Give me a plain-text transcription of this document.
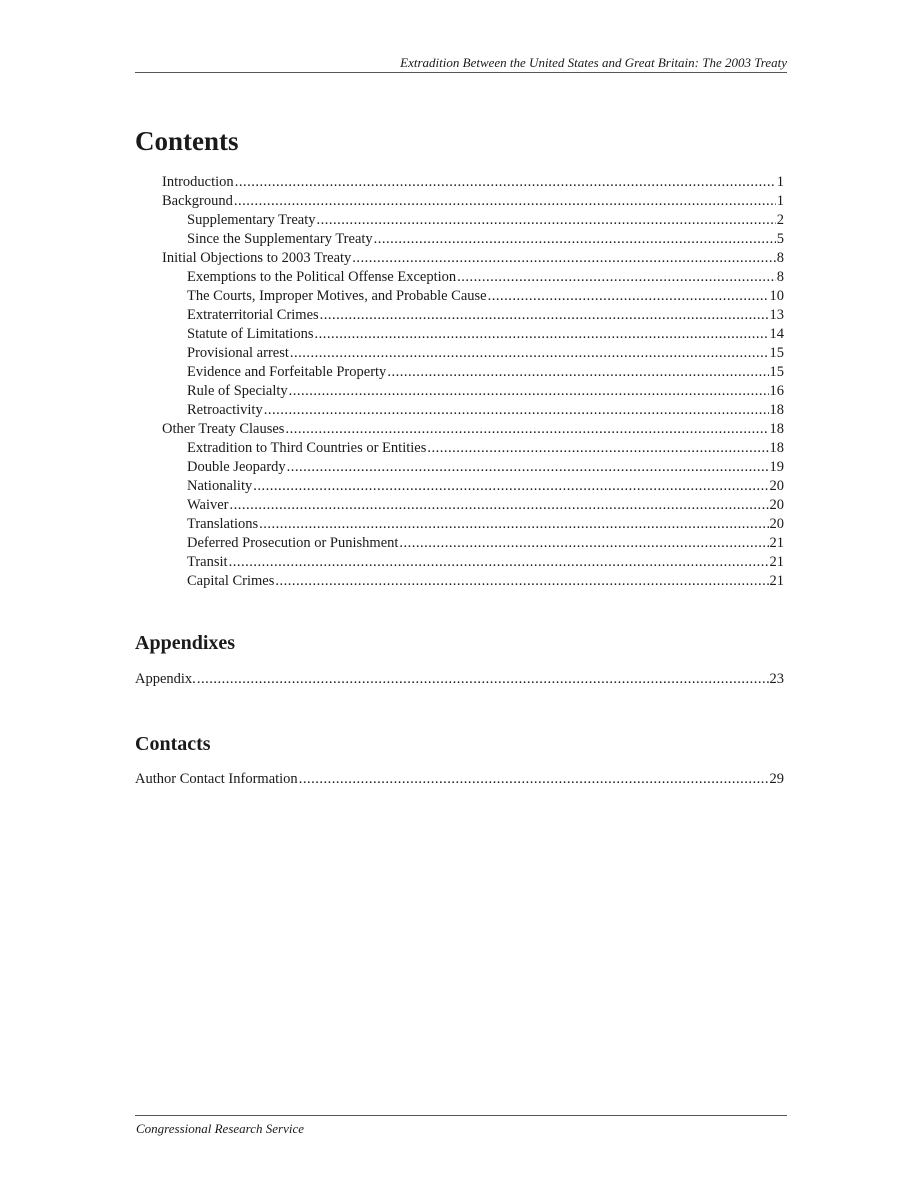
Extradition Between the United States and Great Britain: The 2003 Treaty
Contents
Introduction .....	1
Background .....	1
Supplementary Treaty .....	2
Since the Supplementary Treaty .....	5
Initial Objections to 2003 Treaty .....	8
Exemptions to the Political Offense Exception .....	8
The Courts, Improper Motives, and Probable Cause .....	10
Extraterritorial Crimes .....	13
Statute of Limitations .....	14
Provisional arrest .....	15
Evidence and Forfeitable Property .....	15
Rule of Specialty .....	16
Retroactivity .....	18
Other Treaty Clauses .....	18
Extradition to Third Countries or Entities .....	18
Double Jeopardy .....	19
Nationality .....	20
Waiver .....	20
Translations .....	20
Deferred Prosecution or Punishment .....	21
Transit .....	21
Capital Crimes .....	21
Appendixes
Appendix. .....	23
Contacts
Author Contact Information .....	29
Congressional Research Service
